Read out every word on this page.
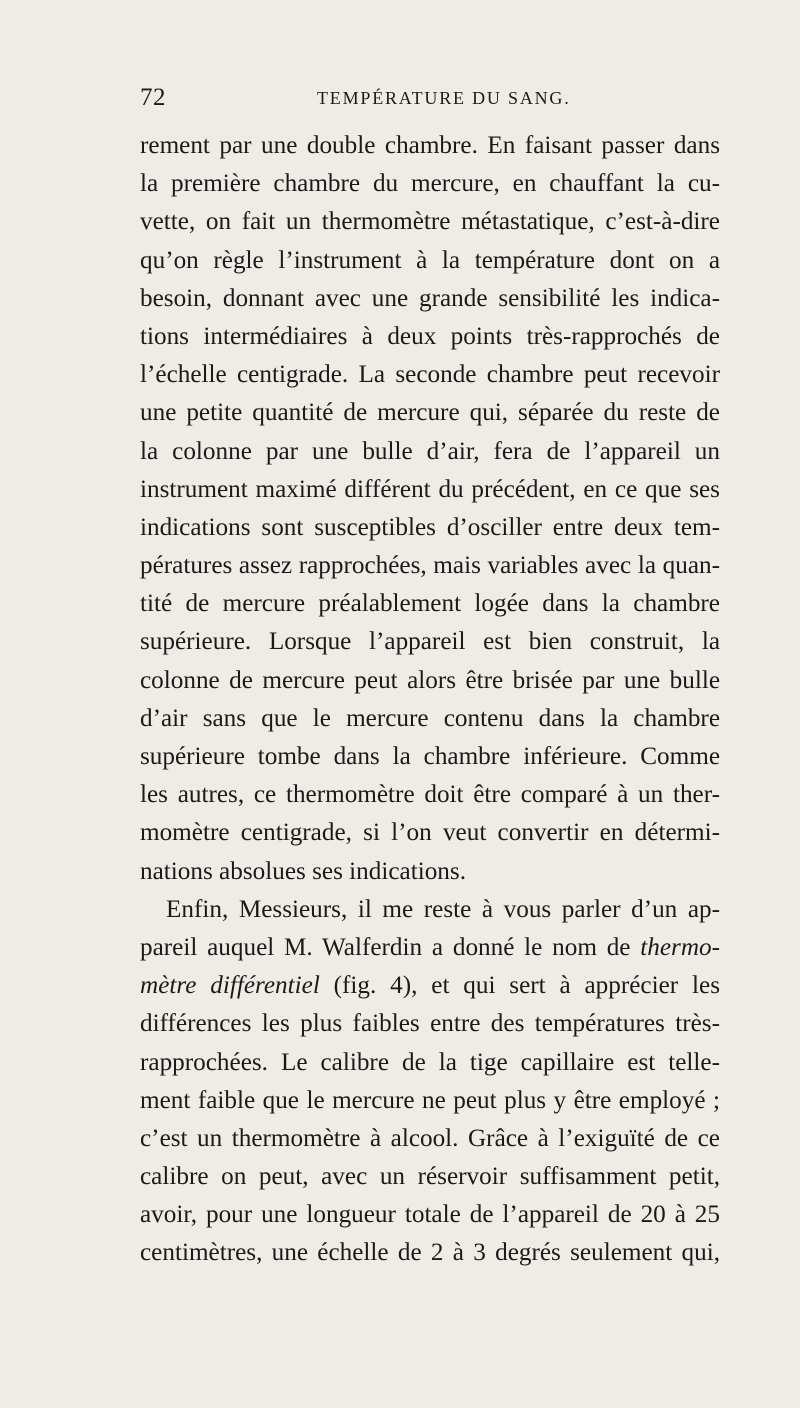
72	TEMPÉRATURE DU SANG.
rement par une double chambre. En faisant passer dans
la première chambre du mercure, en chauffant la cu-
vette, on fait un thermomètre métastatique, c’est-à-dire
qu’on règle l’instrument à la température dont on a
besoin, donnant avec une grande sensibilité les indica-
tions intermédiaires à deux points très-rapprochés de
l’échelle centigrade. La seconde chambre peut recevoir
une petite quantité de mercure qui, séparée du reste de
la colonne par une bulle d’air, fera de l’appareil un
instrument maximé différent du précédent, en ce que ses
indications sont susceptibles d’osciller entre deux tem-
pératures assez rapprochées, mais variables avec la quan-
tité de mercure préalablement logée dans la chambre
supérieure. Lorsque l’appareil est bien construit, la
colonne de mercure peut alors être brisée par une bulle
d’air sans que le mercure contenu dans la chambre
supérieure tombe dans la chambre inférieure. Comme
les autres, ce thermomètre doit être comparé à un ther-
momètre centigrade, si l’on veut convertir en détermi-
nations absolues ses indications.
Enfin, Messieurs, il me reste à vous parler d’un ap-
pareil auquel M. Walferdin a donné le nom de thermo-
mètre différentiel (fig. 4), et qui sert à apprécier les
différences les plus faibles entre des températures très-
rapprochées. Le calibre de la tige capillaire est telle-
ment faible que le mercure ne peut plus y être employé ;
c’est un thermomètre à alcool. Grâce à l’exiguïté de ce
calibre on peut, avec un réservoir suffisamment petit,
avoir, pour une longueur totale de l’appareil de 20 à 25
centimètres, une échelle de 2 à 3 degrés seulement qui,
